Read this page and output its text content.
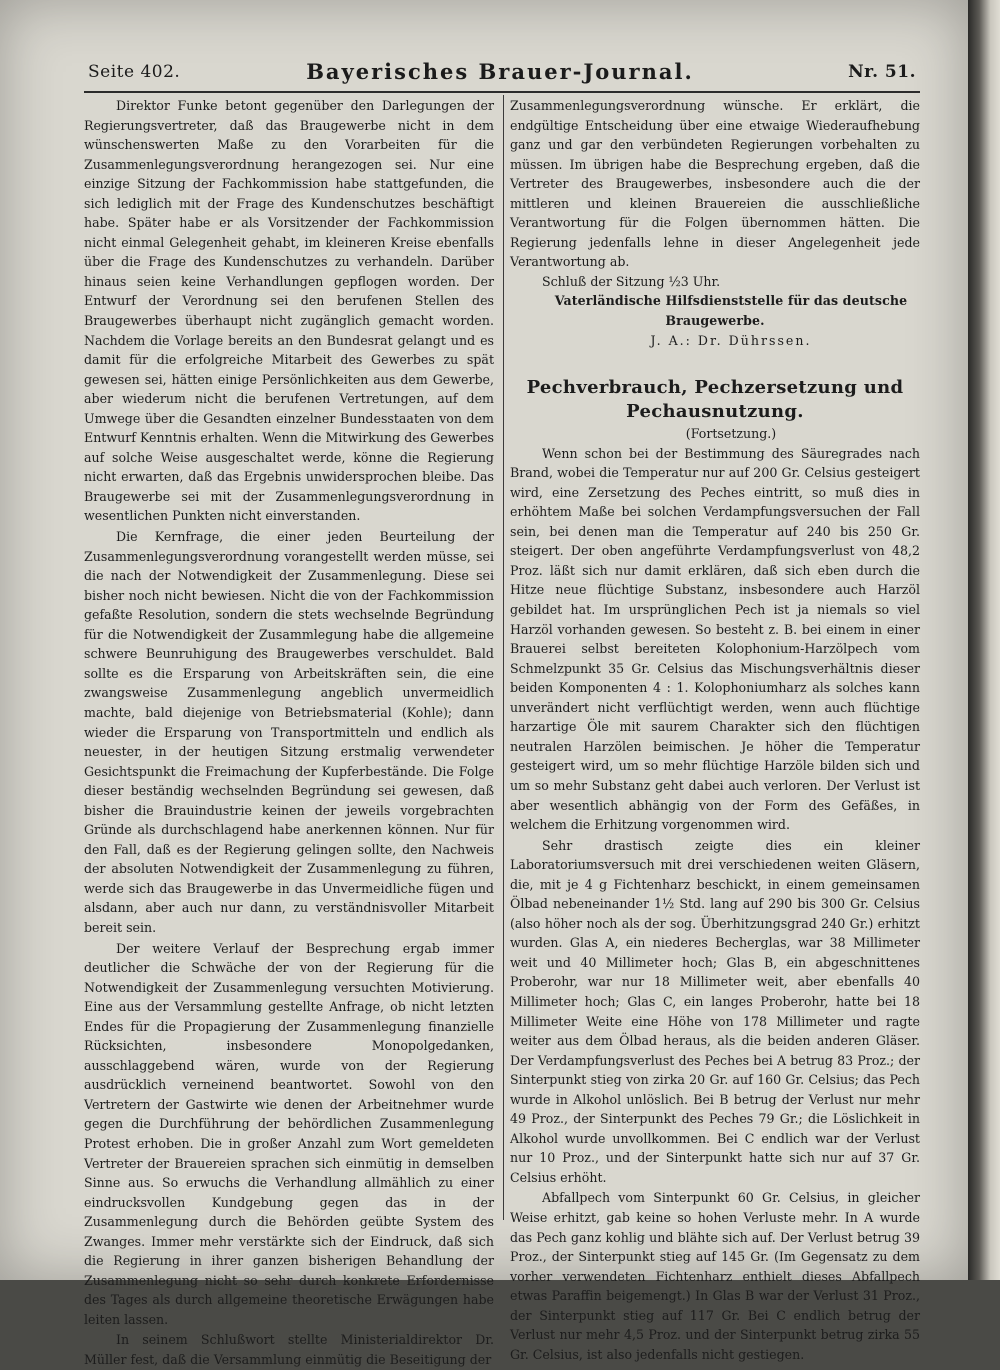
Seite 402.	Bayerisches Brauer-Journal.	Nr. 51.

Direktor Funke betont gegenüber den Darlegungen der Regierungsvertreter, daß das Braugewerbe nicht in dem wünschenswerten Maße zu den Vorarbeiten für die Zusammenlegungsverordnung herangezogen sei. Nur eine einzige Sitzung der Fachkommission habe stattgefunden, die sich lediglich mit der Frage des Kundenschutzes beschäftigt habe. Später habe er als Vorsitzender der Fachkommission nicht einmal Gelegenheit gehabt, im kleineren Kreise ebenfalls über die Frage des Kundenschutzes zu verhandeln. Darüber hinaus seien keine Verhandlungen gepflogen worden. Der Entwurf der Verordnung sei den berufenen Stellen des Braugewerbes überhaupt nicht zugänglich gemacht worden. Nachdem die Vorlage bereits an den Bundesrat gelangt und es damit für die erfolgreiche Mitarbeit des Gewerbes zu spät gewesen sei, hätten einige Persönlichkeiten aus dem Gewerbe, aber wiederum nicht die berufenen Vertretungen, auf dem Umwege über die Gesandten einzelner Bundesstaaten von dem Entwurf Kenntnis erhalten. Wenn die Mitwirkung des Gewerbes auf solche Weise ausgeschaltet werde, könne die Regierung nicht erwarten, daß das Ergebnis unwidersprochen bleibe. Das Braugewerbe sei mit der Zusammenlegungsverordnung in wesentlichen Punkten nicht einverstanden.

Die Kernfrage, die einer jeden Beurteilung der Zusammenlegungsverordnung vorangestellt werden müsse, sei die nach der Notwendigkeit der Zusammenlegung. Diese sei bisher noch nicht bewiesen. Nicht die von der Fachkommission gefaßte Resolution, sondern die stets wechselnde Begründung für die Notwendigkeit der Zusammlegung habe die allgemeine schwere Beunruhigung des Braugewerbes verschuldet. Bald sollte es die Ersparung von Arbeitskräften sein, die eine zwangsweise Zusammenlegung angeblich unvermeidlich machte, bald diejenige von Betriebsmaterial (Kohle); dann wieder die Ersparung von Transportmitteln und endlich als neuester, in der heutigen Sitzung erstmalig verwendeter Gesichtspunkt die Freimachung der Kupferbestände. Die Folge dieser beständig wechselnden Begründung sei gewesen, daß bisher die Brauindustrie keinen der jeweils vorgebrachten Gründe als durchschlagend habe anerkennen können. Nur für den Fall, daß es der Regierung gelingen sollte, den Nachweis der absoluten Notwendigkeit der Zusammenlegung zu führen, werde sich das Braugewerbe in das Unvermeidliche fügen und alsdann, aber auch nur dann, zu verständnisvoller Mitarbeit bereit sein.

Der weitere Verlauf der Besprechung ergab immer deutlicher die Schwäche der von der Regierung für die Notwendigkeit der Zusammenlegung versuchten Motivierung. Eine aus der Versammlung gestellte Anfrage, ob nicht letzten Endes für die Propagierung der Zusammenlegung finanzielle Rücksichten, insbesondere Monopolgedanken, ausschlaggebend wären, wurde von der Regierung ausdrücklich verneinend beantwortet. Sowohl von den Vertretern der Gastwirte wie denen der Arbeitnehmer wurde gegen die Durchführung der behördlichen Zusammenlegung Protest erhoben. Die in großer Anzahl zum Wort gemeldeten Vertreter der Brauereien sprachen sich einmütig in demselben Sinne aus. So erwuchs die Verhandlung allmählich zu einer eindrucksvollen Kundgebung gegen das in der Zusammenlegung durch die Behörden geübte System des Zwanges. Immer mehr verstärkte sich der Eindruck, daß sich die Regierung in ihrer ganzen bisherigen Behandlung der Zusammenlegung nicht so sehr durch konkrete Erfordernisse des Tages als durch allgemeine theoretische Erwägungen habe leiten lassen.

In seinem Schlußwort stellte Ministerialdirektor Dr. Müller fest, daß die Versammlung einmütig die Beseitigung der

Zusammenlegungsverordnung wünsche. Er erklärt, die endgültige Entscheidung über eine etwaige Wiederaufhebung ganz und gar den verbündeten Regierungen vorbehalten zu müssen. Im übrigen habe die Besprechung ergeben, daß die Vertreter des Braugewerbes, insbesondere auch die der mittleren und kleinen Brauereien die ausschließliche Verantwortung für die Folgen übernommen hätten. Die Regierung jedenfalls lehne in dieser Angelegenheit jede Verantwortung ab.

Schluß der Sitzung ½3 Uhr.

Vaterländische Hilfsdienststelle für das deutsche Braugewerbe.

J. A.: Dr. Dührssen.

Pechverbrauch, Pechzersetzung und Pechausnutzung.

(Fortsetzung.)

Wenn schon bei der Bestimmung des Säuregrades nach Brand, wobei die Temperatur nur auf 200 Gr. Celsius gesteigert wird, eine Zersetzung des Peches eintritt, so muß dies in erhöhtem Maße bei solchen Verdampfungsversuchen der Fall sein, bei denen man die Temperatur auf 240 bis 250 Gr. steigert. Der oben angeführte Verdampfungsverlust von 48,2 Proz. läßt sich nur damit erklären, daß sich eben durch die Hitze neue flüchtige Substanz, insbesondere auch Harzöl gebildet hat. Im ursprünglichen Pech ist ja niemals so viel Harzöl vorhanden gewesen. So besteht z. B. bei einem in einer Brauerei selbst bereiteten Kolophonium-Harzölpech vom Schmelzpunkt 35 Gr. Celsius das Mischungsverhältnis dieser beiden Komponenten 4 : 1. Kolophoniumharz als solches kann unverändert nicht verflüchtigt werden, wenn auch flüchtige harzartige Öle mit saurem Charakter sich den flüchtigen neutralen Harzölen beimischen. Je höher die Temperatur gesteigert wird, um so mehr flüchtige Harzöle bilden sich und um so mehr Substanz geht dabei auch verloren. Der Verlust ist aber wesentlich abhängig von der Form des Gefäßes, in welchem die Erhitzung vorgenommen wird.

Sehr drastisch zeigte dies ein kleiner Laboratoriumsversuch mit drei verschiedenen weiten Gläsern, die, mit je 4 g Fichtenharz beschickt, in einem gemeinsamen Ölbad nebeneinander 1½ Std. lang auf 290 bis 300 Gr. Celsius (also höher noch als der sog. Überhitzungsgrad 240 Gr.) erhitzt wurden. Glas A, ein niederes Becherglas, war 38 Millimeter weit und 40 Millimeter hoch; Glas B, ein abgeschnittenes Proberohr, war nur 18 Millimeter weit, aber ebenfalls 40 Millimeter hoch; Glas C, ein langes Proberohr, hatte bei 18 Millimeter Weite eine Höhe von 178 Millimeter und ragte weiter aus dem Ölbad heraus, als die beiden anderen Gläser. Der Verdampfungsverlust des Peches bei A betrug 83 Proz.; der Sinterpunkt stieg von zirka 20 Gr. auf 160 Gr. Celsius; das Pech wurde in Alkohol unlöslich. Bei B betrug der Verlust nur mehr 49 Proz., der Sinterpunkt des Peches 79 Gr.; die Löslichkeit in Alkohol wurde unvollkommen. Bei C endlich war der Verlust nur 10 Proz., und der Sinterpunkt hatte sich nur auf 37 Gr. Celsius erhöht.

Abfallpech vom Sinterpunkt 60 Gr. Celsius, in gleicher Weise erhitzt, gab keine so hohen Verluste mehr. In A wurde das Pech ganz kohlig und blähte sich auf. Der Verlust betrug 39 Proz., der Sinterpunkt stieg auf 145 Gr. (Im Gegensatz zu dem vorher verwendeten Fichtenharz enthielt dieses Abfallpech etwas Paraffin beigemengt.) In Glas B war der Verlust 31 Proz., der Sinterpunkt stieg auf 117 Gr. Bei C endlich betrug der Verlust nur mehr 4,5 Proz. und der Sinterpunkt betrug zirka 55 Gr. Celsius, ist also jedenfalls nicht gestiegen.
